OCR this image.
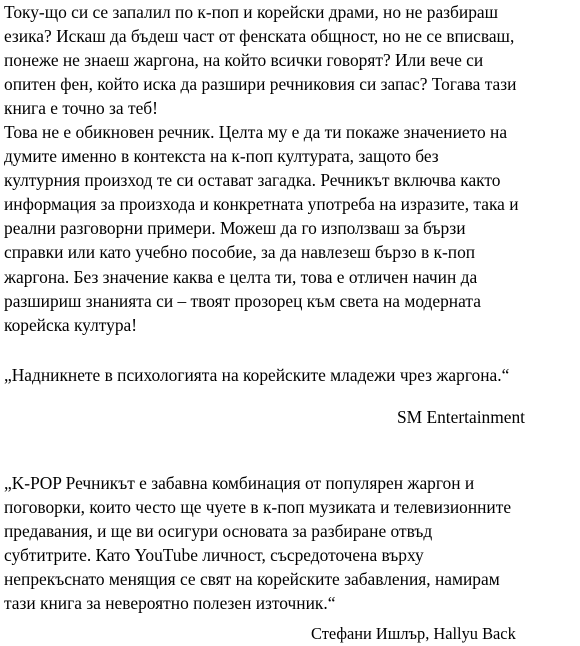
Току-що си се запалил по к-поп и корейски драми, но не разбираш
езика? Искаш да бъдеш част от фенската общност, но не се вписваш,
понеже не знаеш жаргона, на който всички говорят? Или вече си
опитен фен, който иска да разшири речниковия си запас? Тогава тази
книга е точно за теб!
Това не е обикновен речник. Целта му е да ти покаже значението на
думите именно в контекста на к-поп културата, защото без
културния произход те си остават загадка. Речникът включва както
информация за произхода и конкретната употреба на изразите, така и
реални разговорни примери. Можеш да го използваш за бързи
справки или като учебно пособие, за да навлезеш бързо в к-поп
жаргона. Без значение каква е целта ти, това е отличен начин да
разшириш знанията си – твоят прозорец към света на модерната
корейска култура!
„Надникнете в психологията на корейските младежи чрез жаргона.“
SM Entertainment
„K-POP Речникът е забавна комбинация от популярен жаргон и
поговорки, които често ще чуете в к-поп музиката и телевизионните
предавания, и ще ви осигури основата за разбиране отвъд
субтитрите. Като YouTube личност, съсредоточена върху
непрекъснато менящия се свят на корейските забавления, намирам
тази книга за невероятно полезен източник.“
Стефани Ишлър, Hallyu Back
